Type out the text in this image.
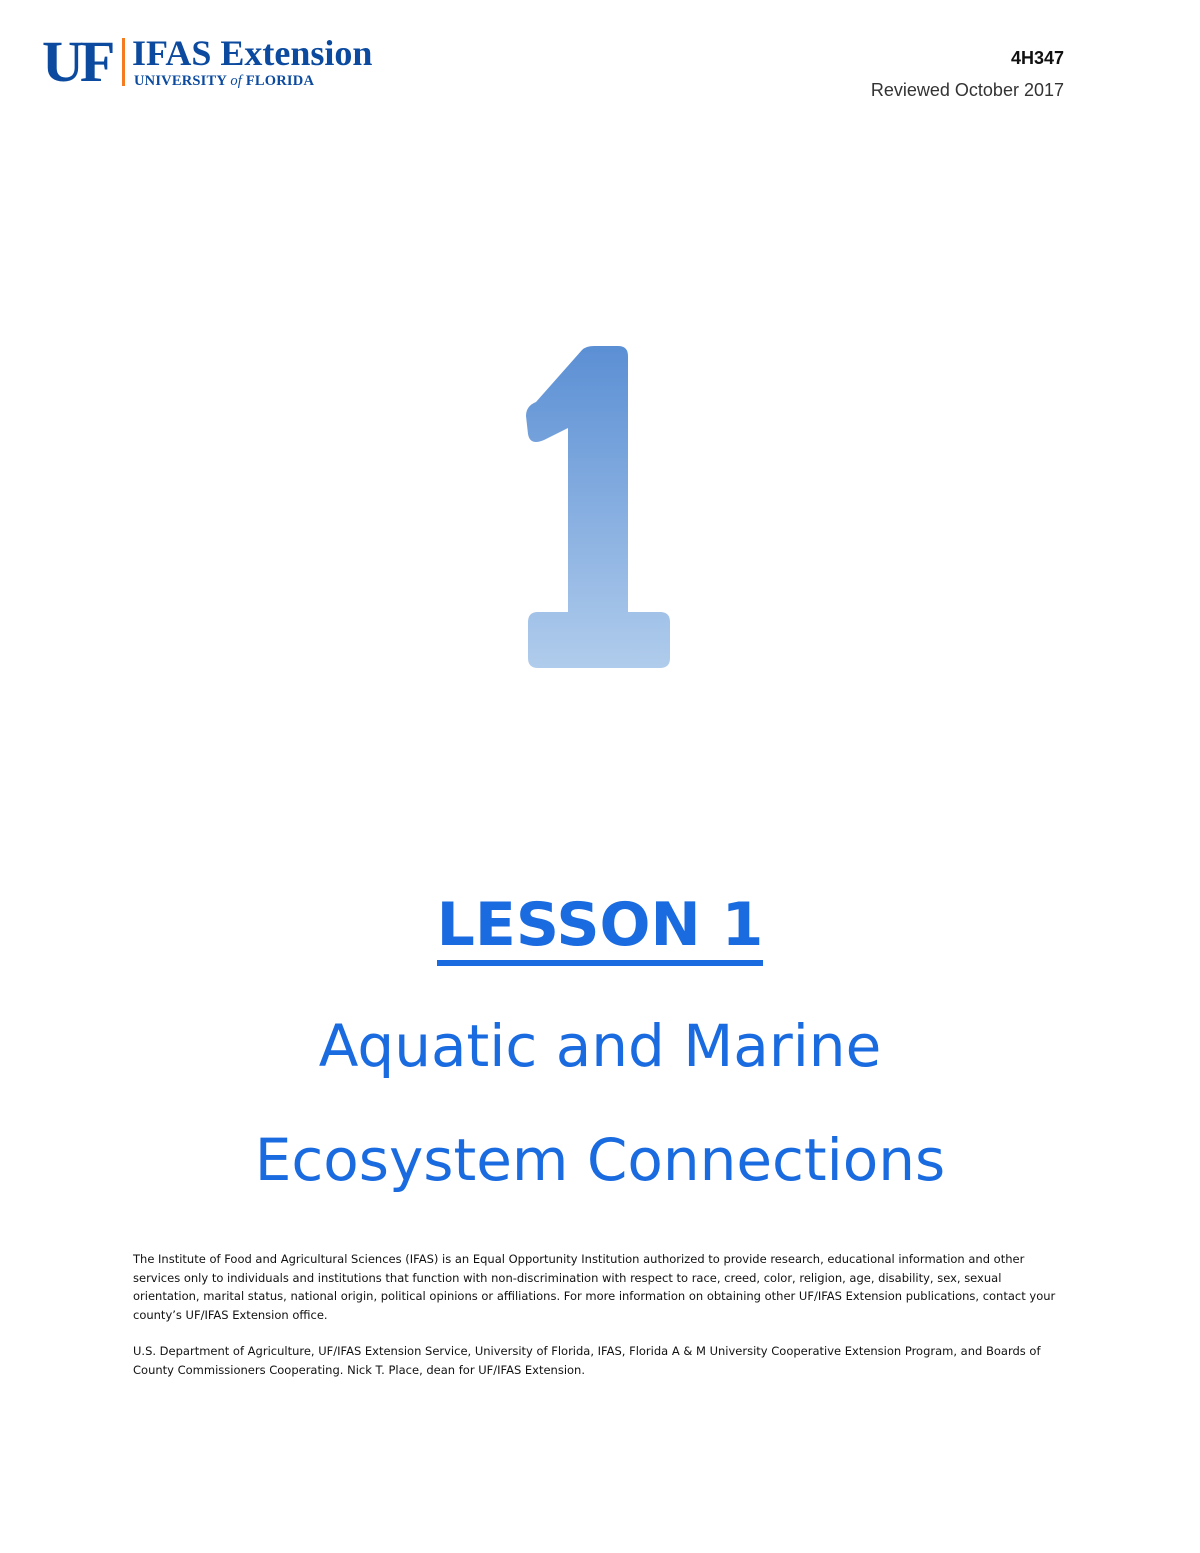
UF IFAS Extension
UNIVERSITY of FLORIDA
4H347
Reviewed October 2017
LESSON 1
Aquatic and Marine
Ecosystem Connections
The Institute of Food and Agricultural Sciences (IFAS) is an Equal Opportunity Institution authorized to provide research, educational information and other services only to individuals and institutions that function with non-discrimination with respect to race, creed, color, religion, age, disability, sex, sexual orientation, marital status, national origin, political opinions or affiliations. For more information on obtaining other UF/IFAS Extension publications, contact your county’s UF/IFAS Extension office.
U.S. Department of Agriculture, UF/IFAS Extension Service, University of Florida, IFAS, Florida A & M University Cooperative Extension Program, and Boards of County Commissioners Cooperating. Nick T. Place, dean for UF/IFAS Extension.
